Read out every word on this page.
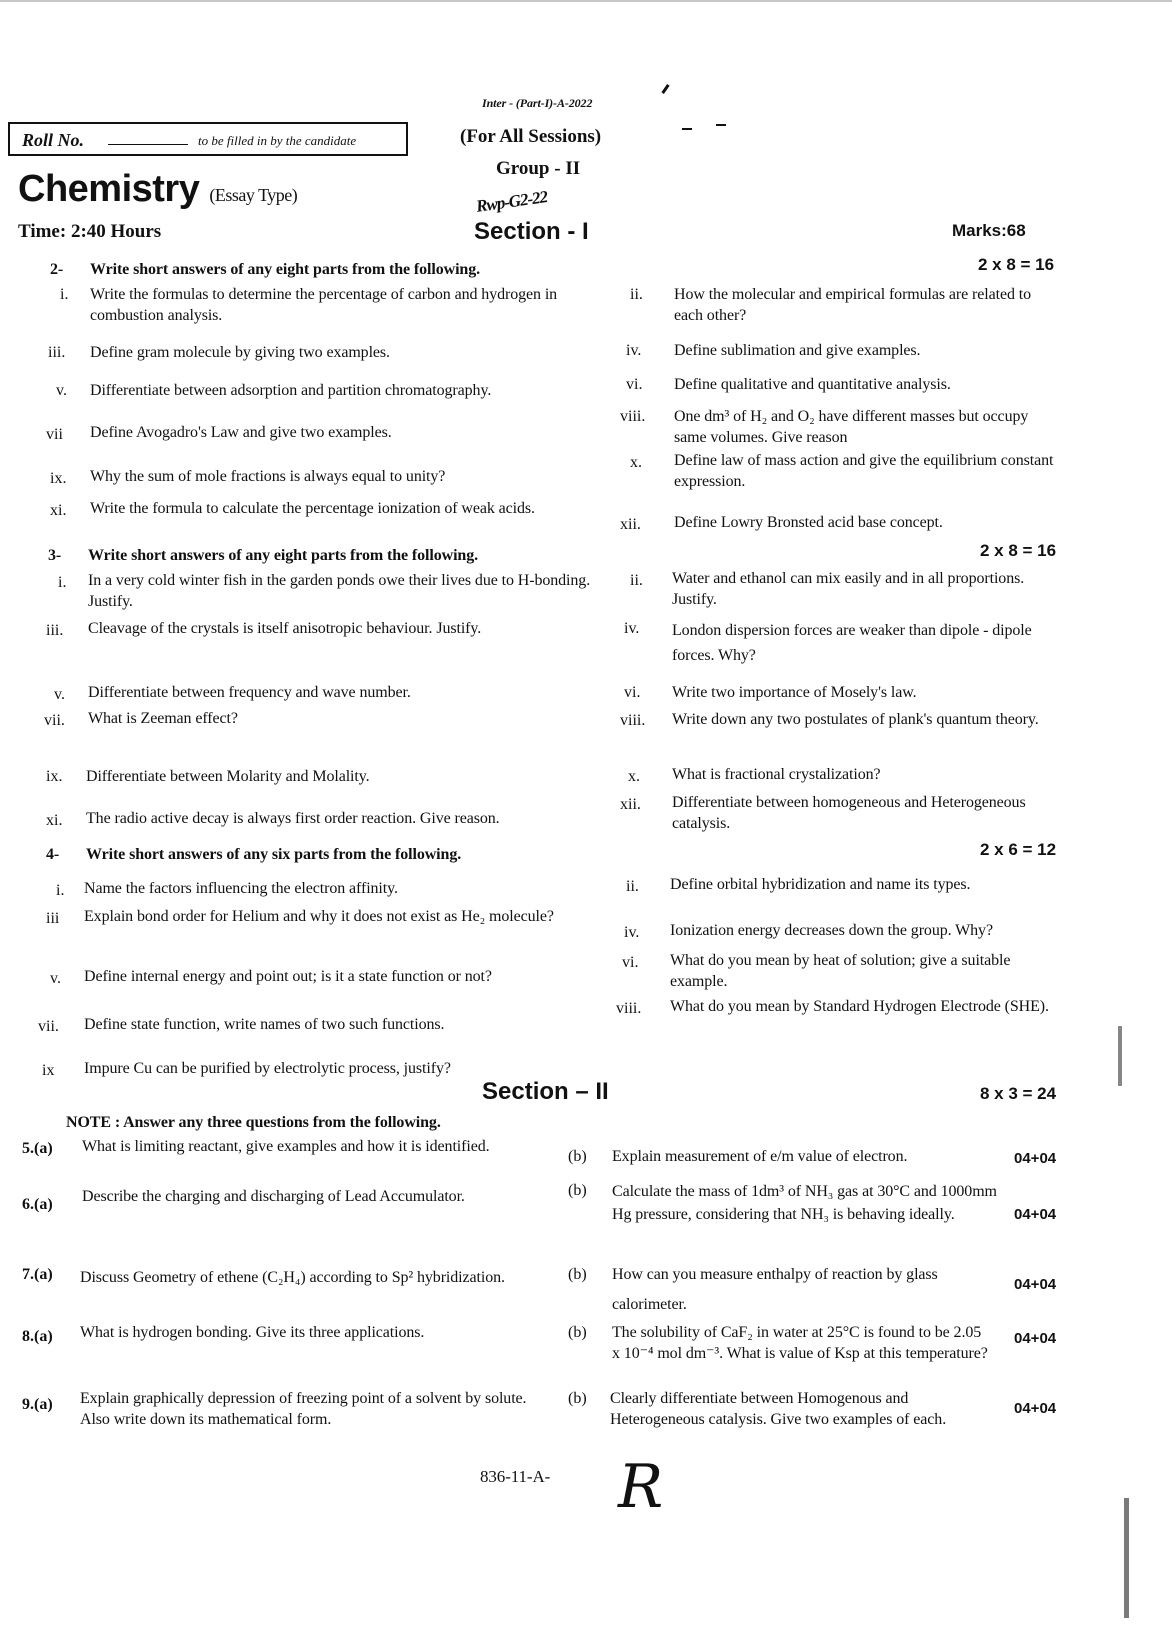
Inter - (Part-I)-A-2022
Roll No.	to be filled in by the candidate	(For All Sessions)
Group - II
Chemistry (Essay Type)	Rwp-G2-22
Time: 2:40 Hours	Section - I	Marks:68
2- Write short answers of any eight parts from the following.	2 x 8 = 16
i. Write the formulas to determine the percentage of carbon and hydrogen in combustion analysis.
ii. How the molecular and empirical formulas are related to each other?
iii. Define gram molecule by giving two examples.	iv. Define sublimation and give examples.
v. Differentiate between adsorption and partition chromatography.	vi. Define qualitative and quantitative analysis.
vii Define Avogadro's Law and give two examples.
viii. One dm³ of H₂ and O₂ have different masses but occupy same volumes. Give reason
ix. Why the sum of mole fractions is always equal to unity?
x. Define law of mass action and give the equilibrium constant expression.
xi. Write the formula to calculate the percentage ionization of weak acids.
xii. Define Lowry Bronsted acid base concept.
3- Write short answers of any eight parts from the following.	2 x 8 = 16
i. In a very cold winter fish in the garden ponds owe their lives due to H-bonding. Justify.
ii. Water and ethanol can mix easily and in all proportions. Justify.
iii. Cleavage of the crystals is itself anisotropic behaviour. Justify.	iv. London dispersion forces are weaker than dipole - dipole forces. Why?
v. Differentiate between frequency and wave number.	vi. Write two importance of Mosely's law.
vii. What is Zeeman effect?	viii. Write down any two postulates of plank's quantum theory.
ix. Differentiate between Molarity and Molality.	x. What is fractional crystalization?
xi. The radio active decay is always first order reaction. Give reason.
xii. Differentiate between homogeneous and Heterogeneous catalysis.
4- Write short answers of any six parts from the following.	2 x 6 = 12
i. Name the factors influencing the electron affinity.	ii. Define orbital hybridization and name its types.
iii Explain bond order for Helium and why it does not exist as He₂ molecule?
iv. Ionization energy decreases down the group. Why?
v. Define internal energy and point out; is it a state function or not?
vi. What do you mean by heat of solution; give a suitable example.
vii. Define state function, write names of two such functions.
viii. What do you mean by Standard Hydrogen Electrode (SHE).
ix Impure Cu can be purified by electrolytic process, justify?
Section – II	8 x 3 = 24
NOTE : Answer any three questions from the following.
5.(a) What is limiting reactant, give examples and how it is identified.
(b) Explain measurement of e/m value of electron.	04+04
6.(a) Describe the charging and discharging of Lead Accumulator.	(b) Calculate the mass of 1dm³ of NH₃ gas at 30°C and 1000mm Hg pressure, considering that NH₃ is behaving ideally.	04+04
7.(a) Discuss Geometry of ethene (C₂H₄) according to Sp² hybridization.	(b) How can you measure enthalpy of reaction by glass calorimeter.
04+04
8.(a) What is hydrogen bonding. Give its three applications.	(b) The solubility of CaF₂ in water at 25°C is found to be 2.05 x 10⁻⁴ mol dm⁻³. What is value of Ksp at this temperature?
04+04
9.(a) Explain graphically depression of freezing point of a solvent by solute. Also write down its mathematical form.
(b) Clearly differentiate between Homogenous and Heterogeneous catalysis. Give two examples of each.
04+04
836-11-A- R
